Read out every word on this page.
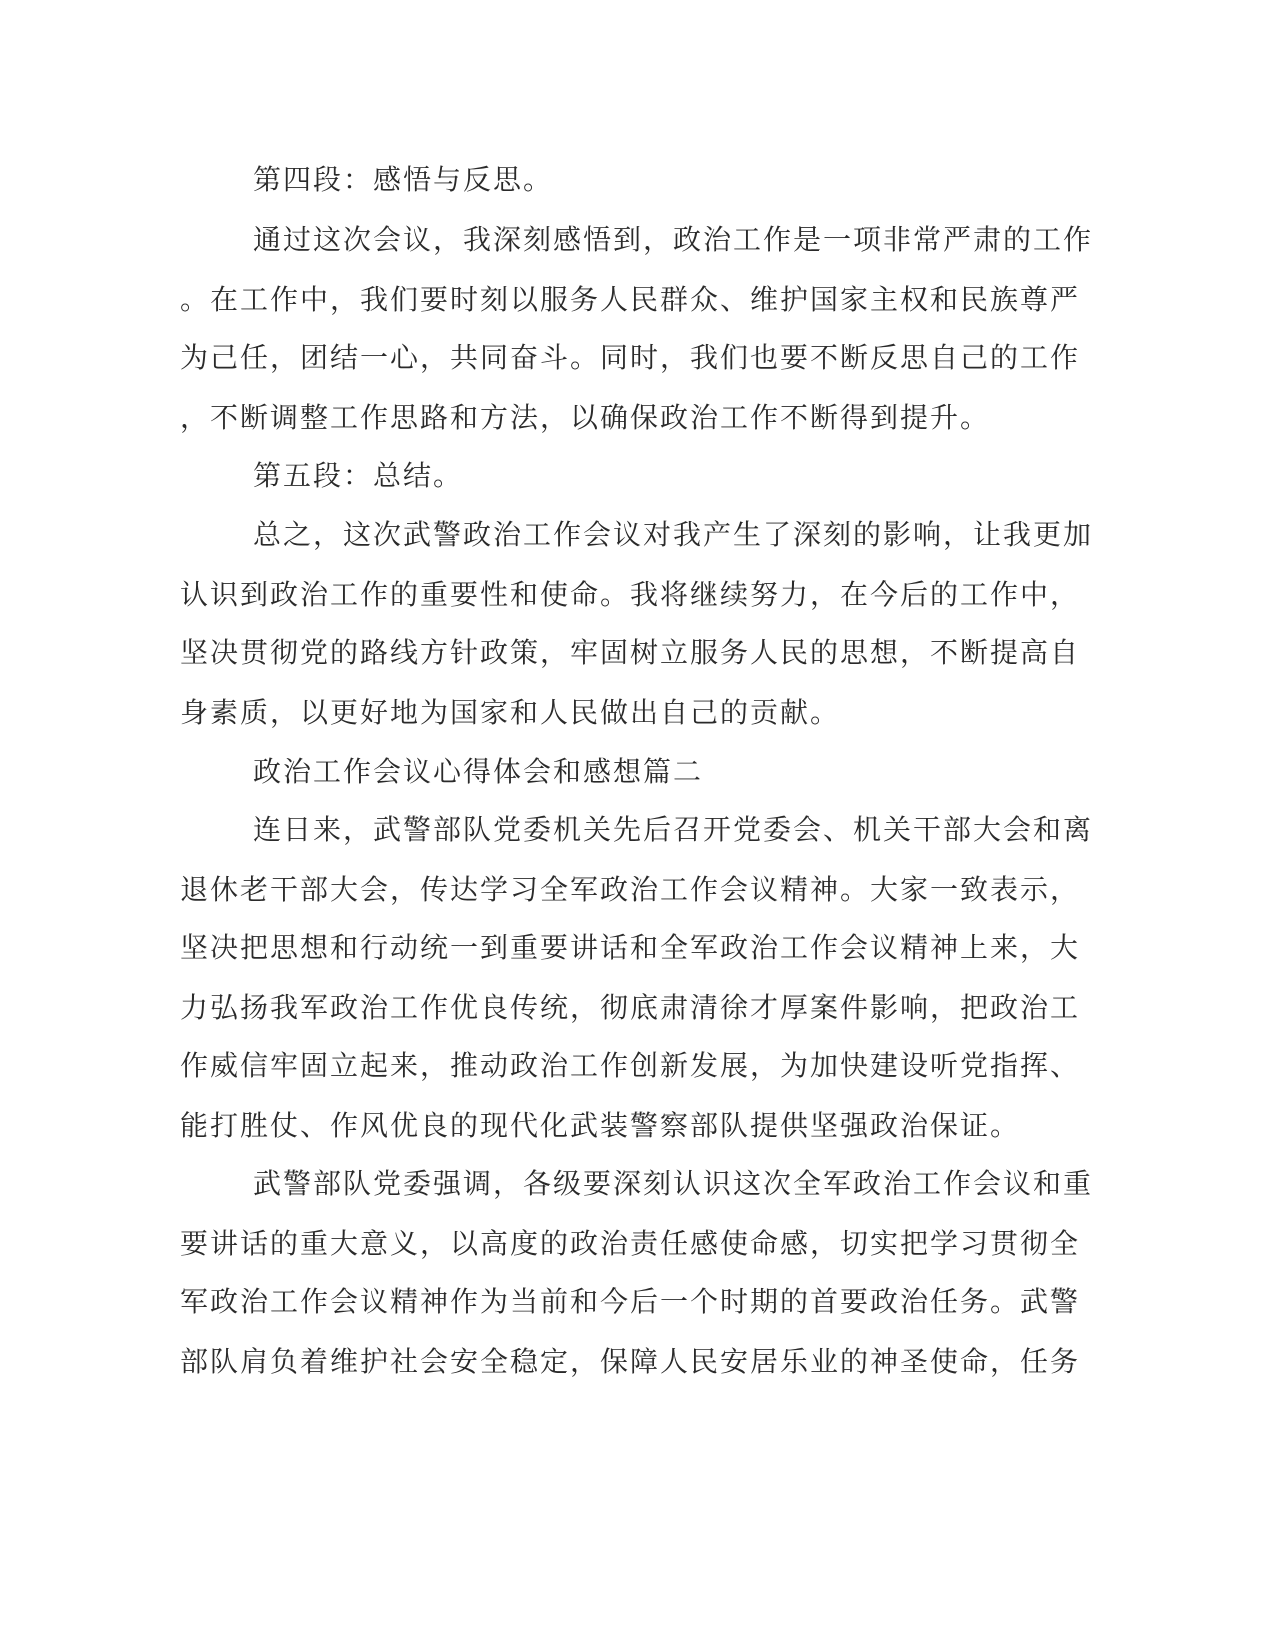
第四段：感悟与反思。
通过这次会议，我深刻感悟到，政治工作是一项非常严肃的工作
。在工作中，我们要时刻以服务人民群众、维护国家主权和民族尊严
为己任，团结一心，共同奋斗。同时，我们也要不断反思自己的工作
，不断调整工作思路和方法，以确保政治工作不断得到提升。
第五段：总结。
总之，这次武警政治工作会议对我产生了深刻的影响，让我更加
认识到政治工作的重要性和使命。我将继续努力，在今后的工作中，
坚决贯彻党的路线方针政策，牢固树立服务人民的思想，不断提高自
身素质，以更好地为国家和人民做出自己的贡献。
政治工作会议心得体会和感想篇二
连日来，武警部队党委机关先后召开党委会、机关干部大会和离
退休老干部大会，传达学习全军政治工作会议精神。大家一致表示，
坚决把思想和行动统一到重要讲话和全军政治工作会议精神上来，大
力弘扬我军政治工作优良传统，彻底肃清徐才厚案件影响，把政治工
作威信牢固立起来，推动政治工作创新发展，为加快建设听党指挥、
能打胜仗、作风优良的现代化武装警察部队提供坚强政治保证。
武警部队党委强调，各级要深刻认识这次全军政治工作会议和重
要讲话的重大意义，以高度的政治责任感使命感，切实把学习贯彻全
军政治工作会议精神作为当前和今后一个时期的首要政治任务。武警
部队肩负着维护社会安全稳定，保障人民安居乐业的神圣使命，任务
